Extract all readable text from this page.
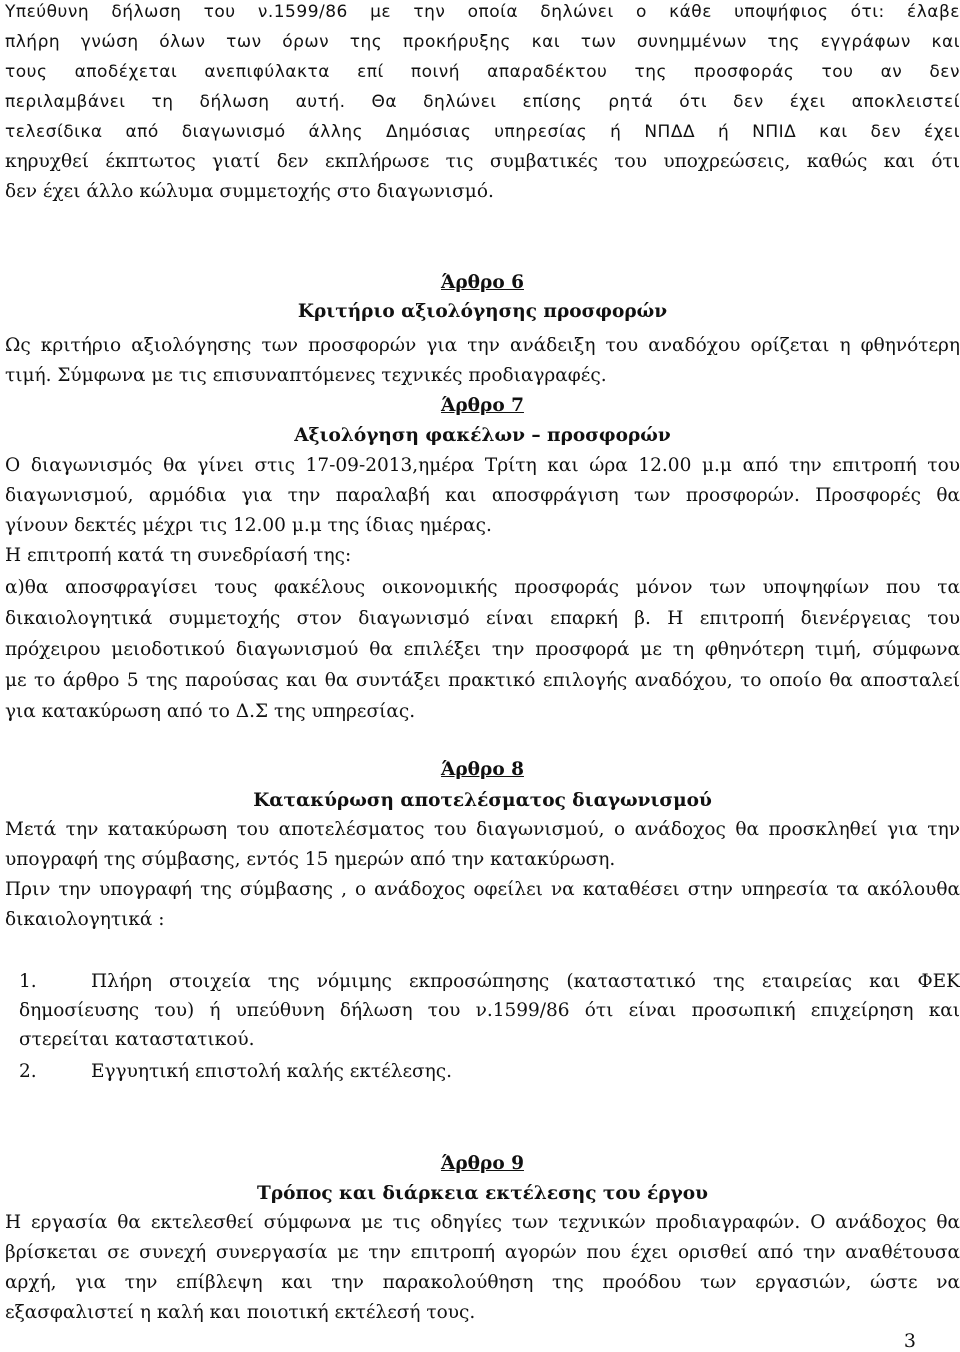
Υπεύθυνη δήλωση του ν.1599/86 με την οποία δηλώνει ο κάθε υποψήφιος ότι: έλαβε
πλήρη γνώση όλων των όρων της προκήρυξης και των συνημμένων της εγγράφων και
τους αποδέχεται ανεπιφύλακτα επί ποινή απαραδέκτου της προσφοράς του αν δεν
περιλαμβάνει τη δήλωση αυτή. Θα δηλώνει επίσης ρητά ότι δεν έχει αποκλειστεί
τελεσίδικα από διαγωνισμό άλλης Δημόσιας υπηρεσίας ή ΝΠΔΔ ή ΝΠΙΔ και δεν έχει
κηρυχθεί έκπτωτος γιατί δεν εκπλήρωσε τις συμβατικές του υποχρεώσεις, καθώς και ότι
δεν έχει άλλο κώλυμα συμμετοχής στο διαγωνισμό.
Άρθρο 6
Κριτήριο αξιολόγησης προσφορών
Ως κριτήριο αξιολόγησης των προσφορών για την ανάδειξη του αναδόχου ορίζεται η φθηνότερη
τιμή. Σύμφωνα με τις επισυναπτόμενες τεχνικές προδιαγραφές.
Άρθρο 7
Αξιολόγηση φακέλων – προσφορών
Ο διαγωνισμός θα γίνει στις 17-09-2013,ημέρα Τρίτη και ώρα 12.00 μ.μ από την επιτροπή του
διαγωνισμού, αρμόδια για την παραλαβή και αποσφράγιση των προσφορών. Προσφορές θα
γίνουν δεκτές μέχρι τις 12.00 μ.μ της ίδιας ημέρας.
Η επιτροπή κατά τη συνεδρίασή της:
α)θα αποσφραγίσει τους φακέλους οικονομικής προσφοράς μόνον των υποψηφίων που τα
δικαιολογητικά συμμετοχής στον διαγωνισμό είναι επαρκή β. Η επιτροπή διενέργειας του
πρόχειρου μειοδοτικού διαγωνισμού θα επιλέξει την προσφορά με τη φθηνότερη τιμή, σύμφωνα
με το άρθρο 5 της παρούσας και θα συντάξει πρακτικό επιλογής αναδόχου, το οποίο θα αποσταλεί
για κατακύρωση από το Δ.Σ της υπηρεσίας.
Άρθρο 8
Κατακύρωση αποτελέσματος διαγωνισμού
Μετά την κατακύρωση του αποτελέσματος του διαγωνισμού, ο ανάδοχος θα προσκληθεί για την
υπογραφή της σύμβασης, εντός 15 ημερών από την κατακύρωση.
Πριν την υπογραφή της σύμβασης , ο ανάδοχος οφείλει να καταθέσει στην υπηρεσία τα ακόλουθα
δικαιολογητικά :
1.	Πλήρη στοιχεία της νόμιμης εκπροσώπησης (καταστατικό της εταιρείας και ΦΕΚ
δημοσίευσης του) ή υπεύθυνη δήλωση του ν.1599/86 ότι είναι προσωπική επιχείρηση και
στερείται καταστατικού.
2.	Εγγυητική επιστολή καλής εκτέλεσης.
Άρθρο 9
Τρόπος και διάρκεια εκτέλεσης του έργου
Η εργασία θα εκτελεσθεί σύμφωνα με τις οδηγίες των τεχνικών προδιαγραφών. Ο ανάδοχος θα
βρίσκεται σε συνεχή συνεργασία με την επιτροπή αγορών που έχει ορισθεί από την αναθέτουσα
αρχή, για την επίβλεψη και την παρακολούθηση της προόδου των εργασιών, ώστε να
εξασφαλιστεί η καλή και ποιοτική εκτέλεσή τους.
3
